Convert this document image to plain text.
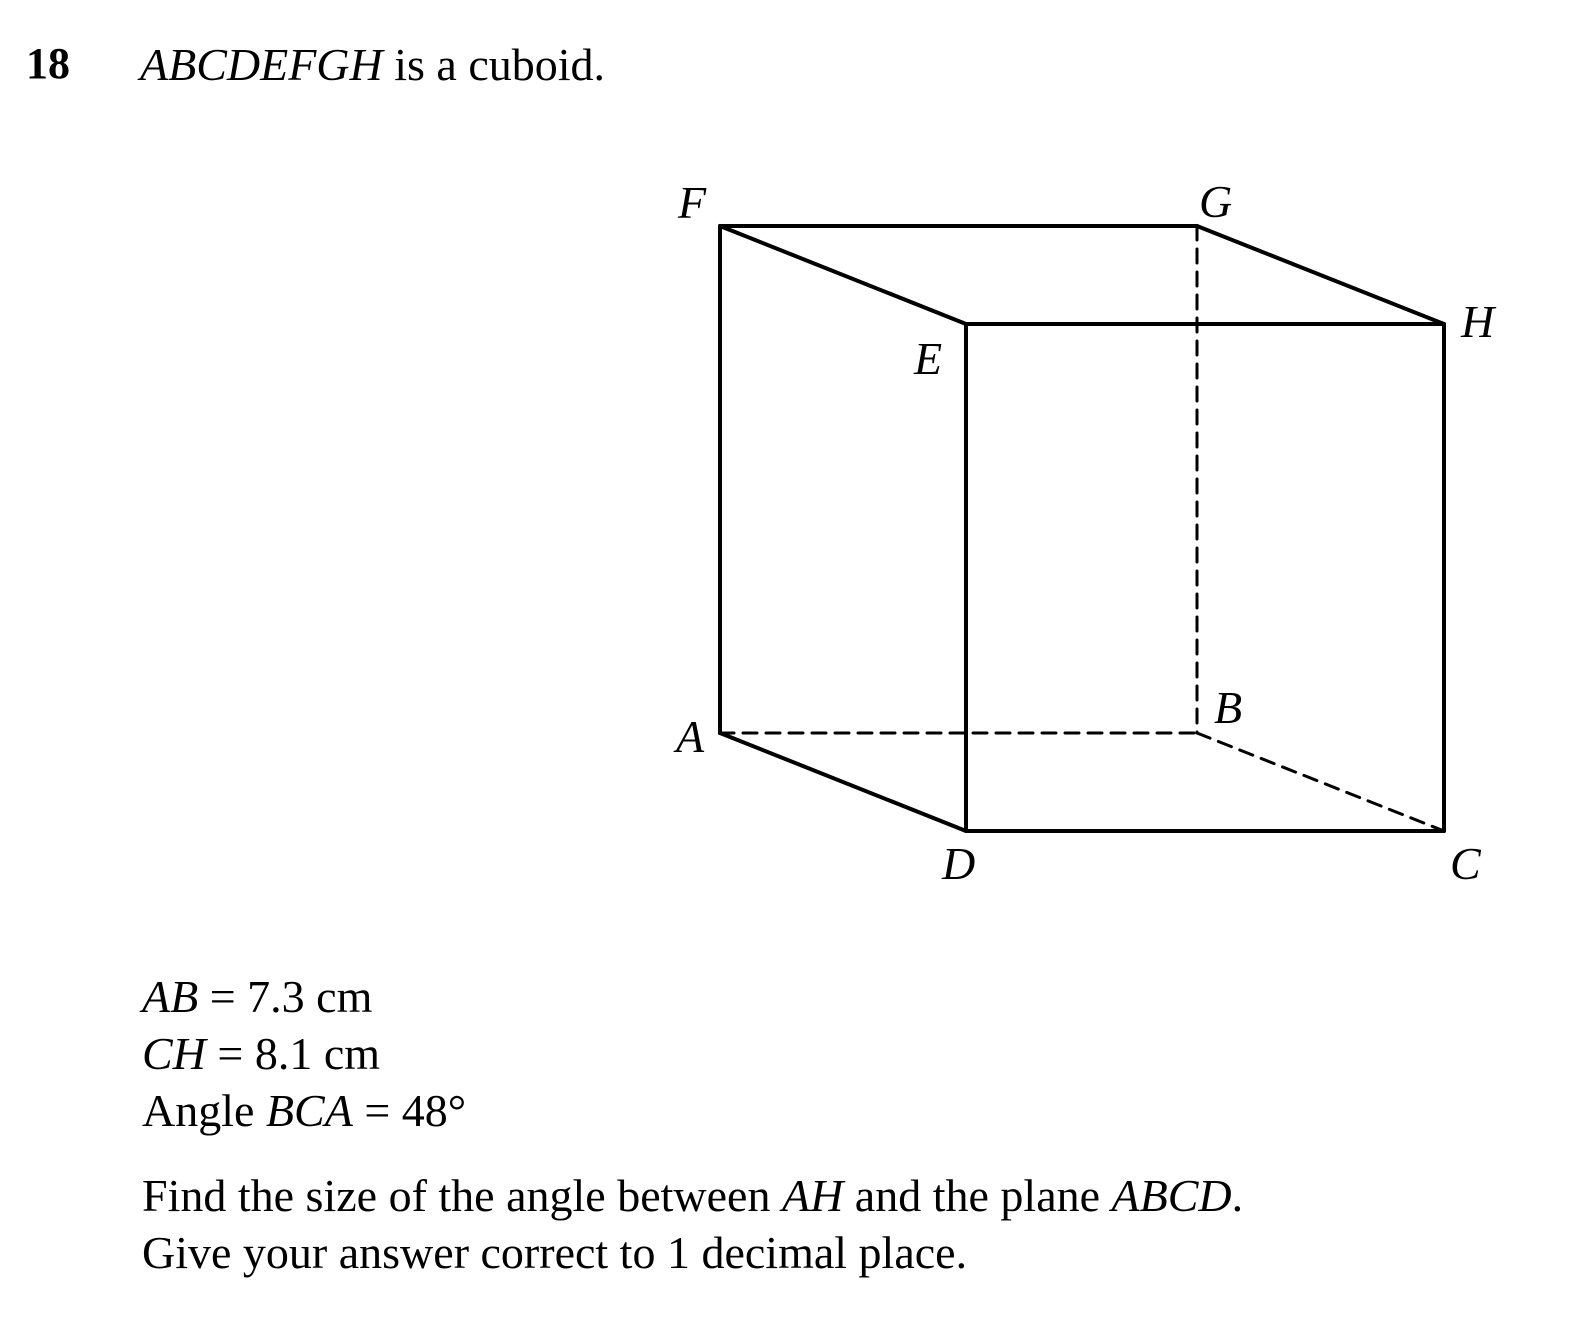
18 ABCDEFGH is a cuboid.
F	G
H
E
B
A
D	C
AB = 7.3 cm
CH = 8.1 cm
Angle BCA = 48°
Find the size of the angle between AH and the plane ABCD.
Give your answer correct to 1 decimal place.
